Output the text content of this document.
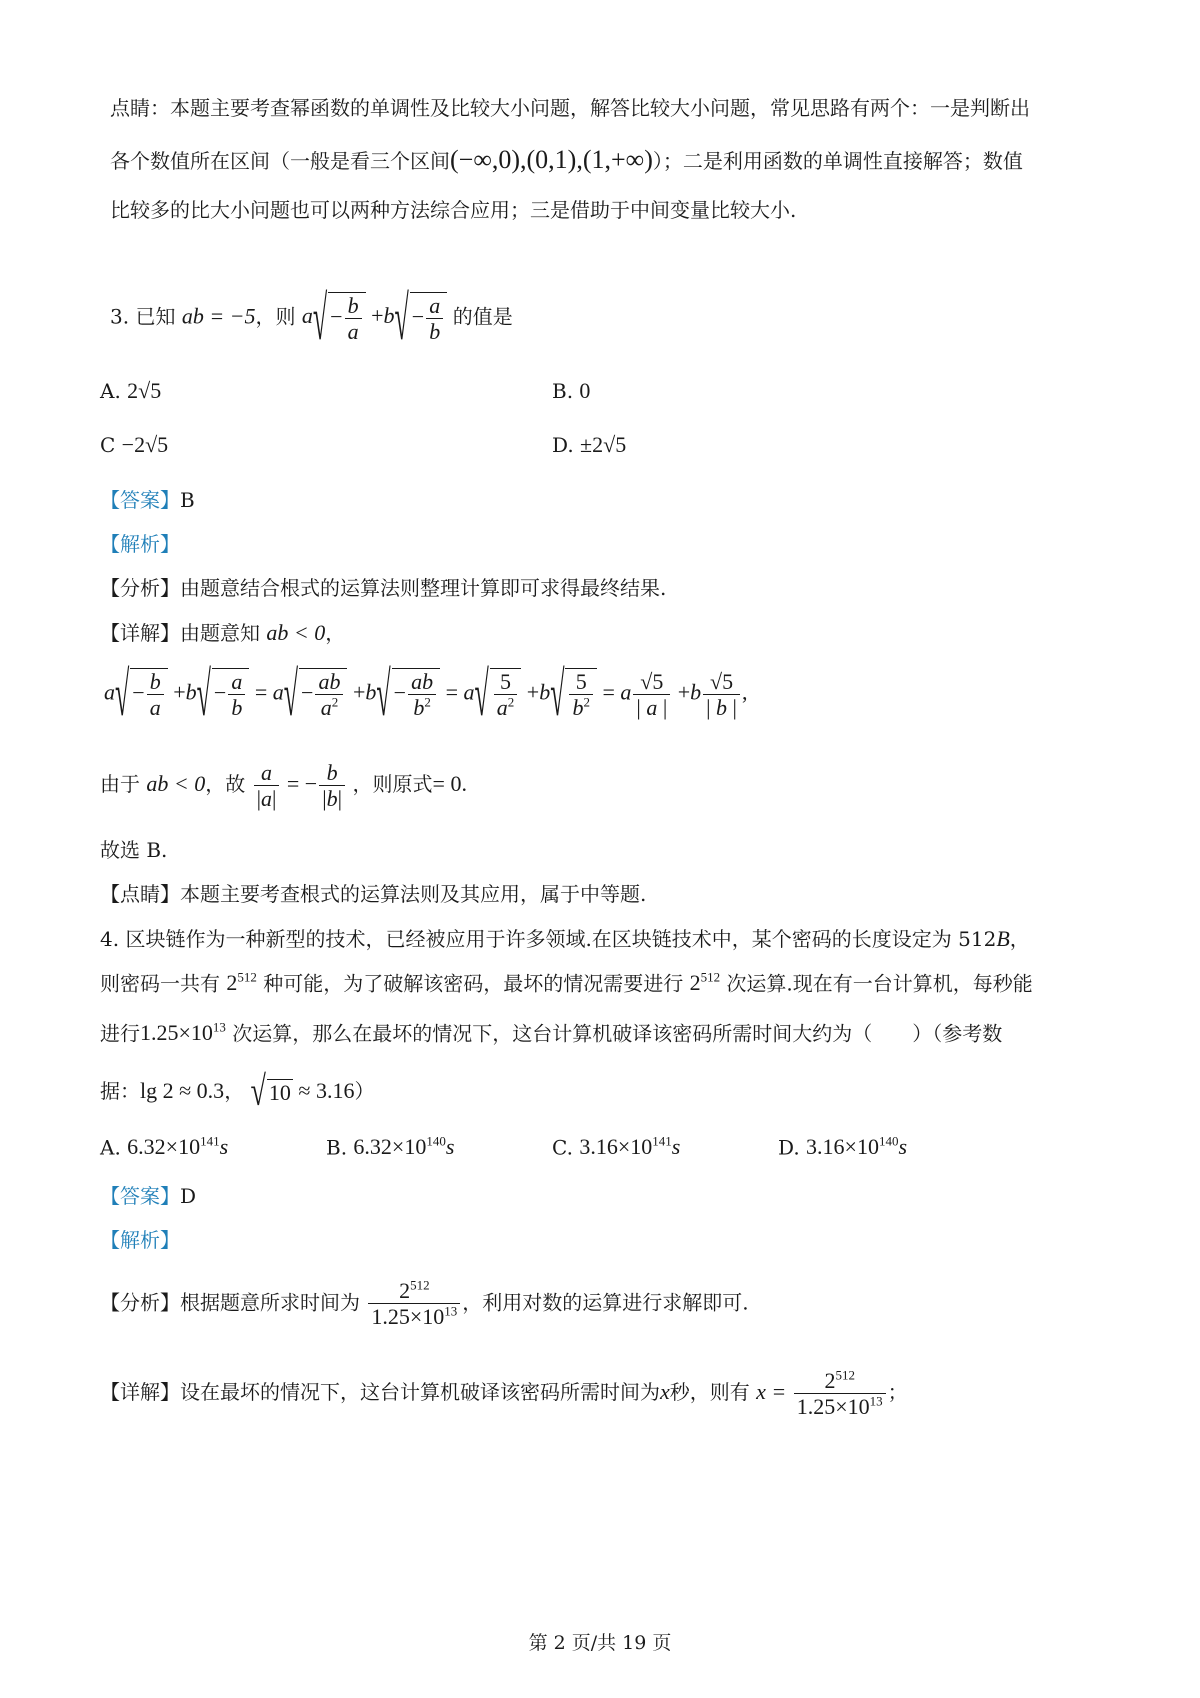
点睛：本题主要考查幂函数的单调性及比较大小问题，解答比较大小问题，常见思路有两个：一是判断出
各个数值所在区间（一般是看三个区间(−∞,0),(0,1),(1,+∞)）；二是利用函数的单调性直接解答；数值
比较多的比大小问题也可以两种方法综合应用；三是借助于中间变量比较大小.
3. 已知 ab = −5，则 $a√ - \frac{b}{a} +b√ - \frac{a}{b}$ 的值是
A. 2√5	B. 0
C −2√5	D. ±2√5
【答案】B
【解析】
【分析】由题意结合根式的运算法则整理计算即可求得最终结果.
【详解】由题意知 ab < 0，
$a√ - \frac{b}{a} +b√ - \frac{a}{b} = a√ - \frac{ab}{a^2} +b√ - \frac{ab}{b^2} = a√ \frac{5}{a^2} +b√ \frac{5}{b^2} = a \frac{√5}{| a |} +b \frac{√5}{| b |}$ ,
由于 ab < 0，故 $\frac{a}{|a|}$ = − $\frac{b}{|b|}$ ，则原式= 0.
故选 B.
【点睛】本题主要考查根式的运算法则及其应用，属于中等题.
4. 区块链作为一种新型的技术，已经被应用于许多领域.在区块链技术中，某个密码的长度设定为 512B，
则密码一共有 $2^{512}$ 种可能，为了破解该密码，最坏的情况需要进行 $2^{512}$ 次运算.现在有一台计算机，每秒能
进行$1.25\times 10^{13}$ 次运算，那么在最坏的情况下，这台计算机破译该密码所需时间大约为（　　）（参考数
据：lg 2 ≈ 0.3， √ 10 ≈ 3.16）
A. $6.32\times 10^{141}s$	B. $6.32\times 10^{140}s$	C. $3.16\times 10^{141}s$	D. $3.16\times 10^{140}s$
【答案】D
【解析】
【分析】根据题意所求时间为 $\frac{2^{512}}{1.25\times 10^{13}}$ ，利用对数的运算进行求解即可.
【详解】设在最坏的情况下，这台计算机破译该密码所需时间为x秒，则有 $x = \frac{2^{512}}{1.25\times 10^{13}}$ ；
第 2 页/共 19 页
